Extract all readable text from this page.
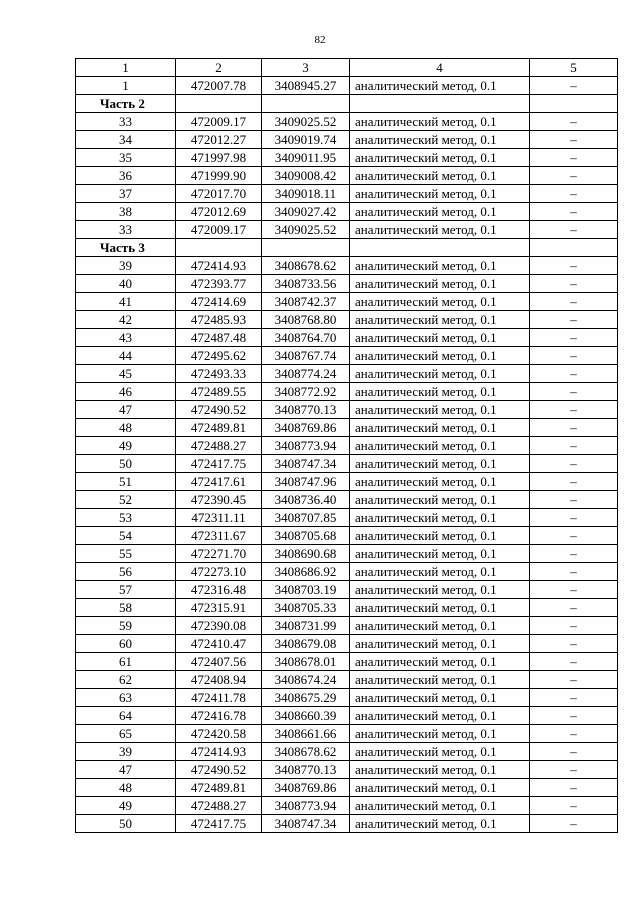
82
1	2	3	4	5
1	472007.78	3408945.27	аналитический метод, 0.1	–
Часть 2				
33	472009.17	3409025.52	аналитический метод, 0.1	–
34	472012.27	3409019.74	аналитический метод, 0.1	–
35	471997.98	3409011.95	аналитический метод, 0.1	–
36	471999.90	3409008.42	аналитический метод, 0.1	–
37	472017.70	3409018.11	аналитический метод, 0.1	–
38	472012.69	3409027.42	аналитический метод, 0.1	–
33	472009.17	3409025.52	аналитический метод, 0.1	–
Часть 3				
39	472414.93	3408678.62	аналитический метод, 0.1	–
40	472393.77	3408733.56	аналитический метод, 0.1	–
41	472414.69	3408742.37	аналитический метод, 0.1	–
42	472485.93	3408768.80	аналитический метод, 0.1	–
43	472487.48	3408764.70	аналитический метод, 0.1	–
44	472495.62	3408767.74	аналитический метод, 0.1	–
45	472493.33	3408774.24	аналитический метод, 0.1	–
46	472489.55	3408772.92	аналитический метод, 0.1	–
47	472490.52	3408770.13	аналитический метод, 0.1	–
48	472489.81	3408769.86	аналитический метод, 0.1	–
49	472488.27	3408773.94	аналитический метод, 0.1	–
50	472417.75	3408747.34	аналитический метод, 0.1	–
51	472417.61	3408747.96	аналитический метод, 0.1	–
52	472390.45	3408736.40	аналитический метод, 0.1	–
53	472311.11	3408707.85	аналитический метод, 0.1	–
54	472311.67	3408705.68	аналитический метод, 0.1	–
55	472271.70	3408690.68	аналитический метод, 0.1	–
56	472273.10	3408686.92	аналитический метод, 0.1	–
57	472316.48	3408703.19	аналитический метод, 0.1	–
58	472315.91	3408705.33	аналитический метод, 0.1	–
59	472390.08	3408731.99	аналитический метод, 0.1	–
60	472410.47	3408679.08	аналитический метод, 0.1	–
61	472407.56	3408678.01	аналитический метод, 0.1	–
62	472408.94	3408674.24	аналитический метод, 0.1	–
63	472411.78	3408675.29	аналитический метод, 0.1	–
64	472416.78	3408660.39	аналитический метод, 0.1	–
65	472420.58	3408661.66	аналитический метод, 0.1	–
39	472414.93	3408678.62	аналитический метод, 0.1	–
47	472490.52	3408770.13	аналитический метод, 0.1	–
48	472489.81	3408769.86	аналитический метод, 0.1	–
49	472488.27	3408773.94	аналитический метод, 0.1	–
50	472417.75	3408747.34	аналитический метод, 0.1	–
